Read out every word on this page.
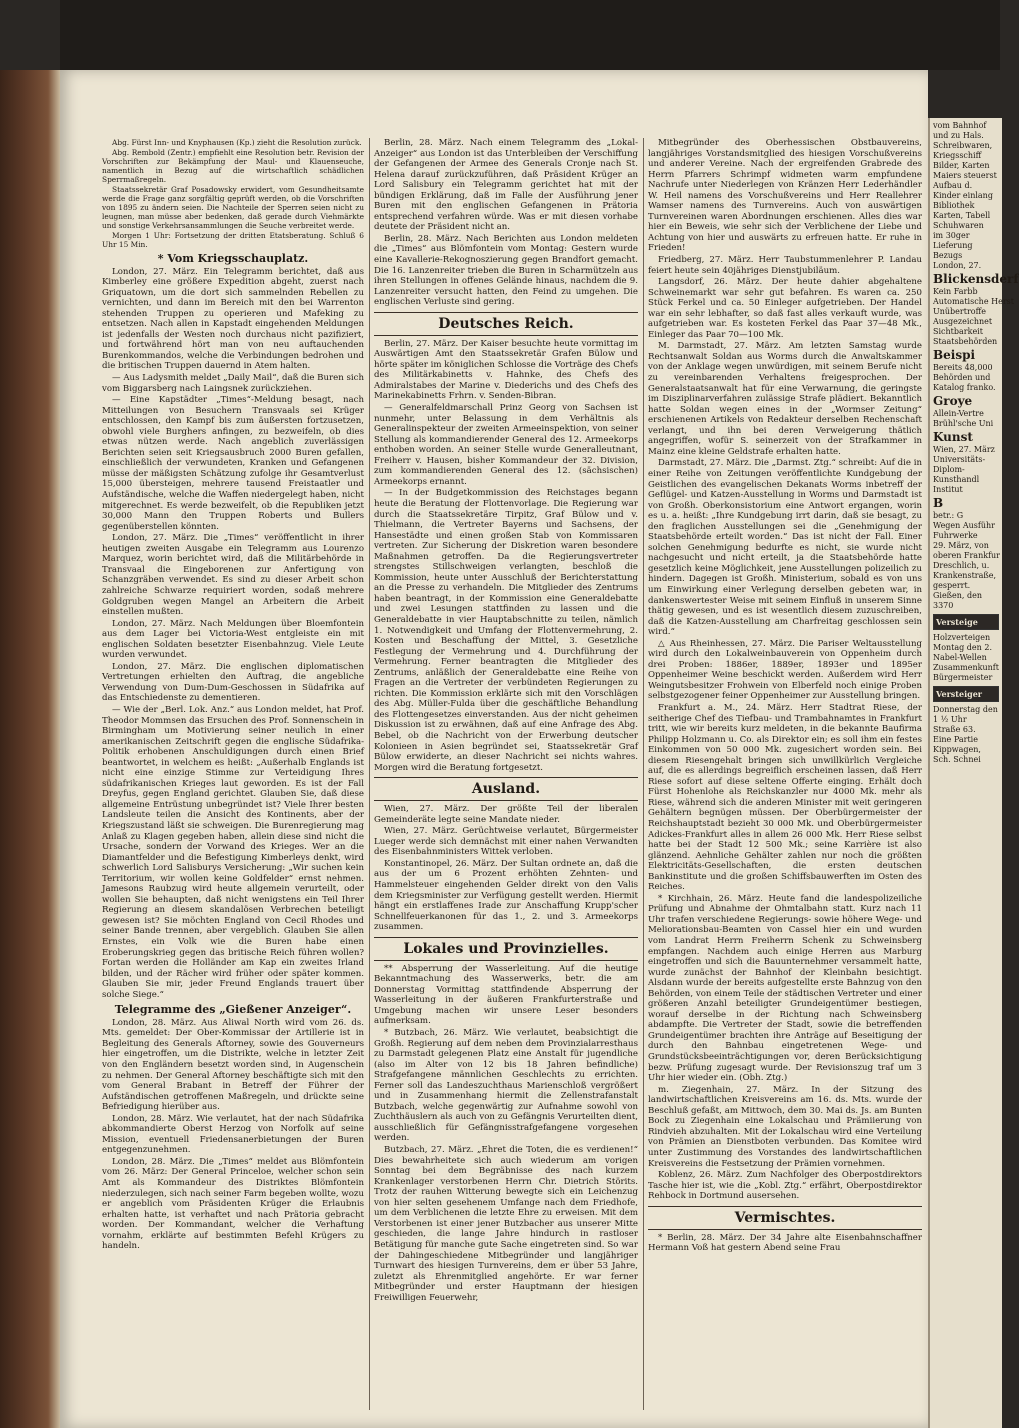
Abg. Fürst Inn- und Knyphausen (Kp.) zieht die Resolution zurück.

Abg. Rembold (Zentr.) empfiehlt eine Resolution betr. Revision der Vorschriften zur Bekämpfung der Maul- und Klauenseuche, namentlich in Bezug auf die wirtschaftlich schädlichen Sperrmaßregeln.

Staatssekretär Graf Posadowsky erwidert, vom Gesundheitsamte werde die Frage ganz sorgfältig geprüft werden, ob die Vorschriften von 1895 zu ändern seien. Die Nachteile der Sperren seien nicht zu leugnen, man müsse aber bedenken, daß gerade durch Viehmärkte und sonstige Verkehrsansammlungen die Seuche verbreitet werde.

Morgen 1 Uhr: Fortsetzung der dritten Etatsberatung. Schluß 6 Uhr 15 Min.

* Vom Kriegsschauplatz.

London, 27. März. Ein Telegramm berichtet, daß aus Kimberley eine größere Expedition abgeht, zuerst nach Griquatown, um die dort sich sammelnden Rebellen zu vernichten, und dann im Bereich mit den bei Warrenton stehenden Truppen zu operieren und Mafeking zu entsetzen. Nach allen in Kapstadt eingehenden Meldungen ist jedenfalls der Westen noch durchaus nicht pazifiziert, und fortwährend hört man von neu auftauchenden Burenkommandos, welche die Verbindungen bedrohen und die britischen Truppen dauernd in Atem halten.

— Aus Ladysmith meldet „Daily Mail“, daß die Buren sich vom Biggarsberg nach Laingsnek zurückziehen.

— Eine Kapstädter „Times“-Meldung besagt, nach Mitteilungen von Besuchern Transvaals sei Krüger entschlossen, den Kampf bis zum äußersten fortzusetzen, obwohl viele Burghers anfingen, zu bezweifeln, ob dies etwas nützen werde. Nach angeblich zuverlässigen Berichten seien seit Kriegsausbruch 2000 Buren gefallen, einschließlich der verwundeten, Kranken und Gefangenen müsse der mäßigsten Schätzung zufolge ihr Gesamtverlust 15,000 übersteigen, mehrere tausend Freistaatler und Aufständische, welche die Waffen niedergelegt haben, nicht mitgerechnet. Es werde bezweifelt, ob die Republiken jetzt 30,000 Mann den Truppen Roberts und Bullers gegenüberstellen könnten.

London, 27. März. Die „Times“ veröffentlicht in ihrer heutigen zweiten Ausgabe ein Telegramm aus Lourenzo Marquez, worin berichtet wird, daß die Militärbehörde in Transvaal die Eingeborenen zur Anfertigung von Schanzgräben verwendet. Es sind zu dieser Arbeit schon zahlreiche Schwarze requiriert worden, sodaß mehrere Goldgruben wegen Mangel an Arbeitern die Arbeit einstellen mußten.

London, 27. März. Nach Meldungen über Bloemfontein aus dem Lager bei Victoria-West entgleiste ein mit englischen Soldaten besetzter Eisenbahnzug. Viele Leute wurden verwundet.

London, 27. März. Die englischen diplomatischen Vertretungen erhielten den Auftrag, die angebliche Verwendung von Dum-Dum-Geschossen in Südafrika auf das Entschiedenste zu dementieren.

— Wie der „Berl. Lok. Anz.“ aus London meldet, hat Prof. Theodor Mommsen das Ersuchen des Prof. Sonnenschein in Birmingham um Motivierung seiner neulich in einer amerikanischen Zeitschrift gegen die englische Südafrika-Politik erhobenen Anschuldigungen durch einen Brief beantwortet, in welchem es heißt: „Außerhalb Englands ist nicht eine einzige Stimme zur Verteidigung Ihres südafrikanischen Krieges laut geworden. Es ist der Fall Dreyfus, gegen England gerichtet. Glauben Sie, daß diese allgemeine Entrüstung unbegründet ist? Viele Ihrer besten Landsleute teilen die Ansicht des Kontinents, aber der Kriegszustand läßt sie schweigen. Die Burenregierung mag Anlaß zu Klagen gegeben haben, allein diese sind nicht die Ursache, sondern der Vorwand des Krieges. Wer an die Diamantfelder und die Befestigung Kimberleys denkt, wird schwerlich Lord Salisburys Versicherung: „Wir suchen kein Territorium, wir wollen keine Goldfelder“ ernst nehmen. Jamesons Raubzug wird heute allgemein verurteilt, oder wollen Sie behaupten, daß nicht wenigstens ein Teil Ihrer Regierung an diesem skandalösen Verbrechen beteiligt gewesen ist? Sie möchten England von Cecil Rhodes und seiner Bande trennen, aber vergeblich. Glauben Sie allen Ernstes, ein Volk wie die Buren habe einen Eroberungskrieg gegen das britische Reich führen wollen? Fortan werden die Holländer am Kap ein zweites Irland bilden, und der Rächer wird früher oder später kommen. Glauben Sie mir, jeder Freund Englands trauert über solche Siege.“

Telegramme des „Gießener Anzeiger“.

London, 28. März. Aus Aliwal North wird vom 26. ds. Mts. gemeldet: Der Ober-Kommissar der Artillerie ist in Begleitung des Generals Aftorney, sowie des Gouverneurs hier eingetroffen, um die Distrikte, welche in letzter Zeit von den Engländern besetzt worden sind, in Augenschein zu nehmen. Der General Aftorney beschäftigte sich mit den vom General Brabant in Betreff der Führer der Aufständischen getroffenen Maßregeln, und drückte seine Befriedigung hierüber aus.

London, 28. März. Wie verlautet, hat der nach Südafrika abkommandierte Oberst Herzog von Norfolk auf seine Mission, eventuell Friedensanerbietungen der Buren entgegenzunehmen.

London, 28. März. Die „Times“ meldet aus Blömfontein vom 26. März: Der General Princeloe, welcher schon sein Amt als Kommandeur des Distriktes Blömfontein niederzulegen, sich nach seiner Farm begeben wollte, wozu er angeblich vom Präsidenten Krüger die Erlaubnis erhalten hatte, ist verhaftet und nach Prätoria gebracht worden. Der Kommandant, welcher die Verhaftung vornahm, erklärte auf bestimmten Befehl Krügers zu handeln.

Berlin, 28. März. Nach einem Telegramm des „Lokal-Anzeiger“ aus London ist das Unterbleiben der Verschiffung der Gefangenen der Armee des Generals Cronje nach St. Helena darauf zurückzuführen, daß Präsident Krüger an Lord Salisbury ein Telegramm gerichtet hat mit der bündigen Erklärung, daß im Falle der Ausführung jener Buren mit den englischen Gefangenen in Prätoria entsprechend verfahren würde. Was er mit diesen vorhabe deutete der Präsident nicht an.

Berlin, 28. März. Nach Berichten aus London meldeten die „Times“ aus Blömfontein vom Montag: Gestern wurde eine Kavallerie-Rekognoszierung gegen Brandfort gemacht. Die 16. Lanzenreiter trieben die Buren in Scharmützeln aus ihren Stellungen in offenes Gelände hinaus, nachdem die 9. Lanzenreiter versucht hatten, den Feind zu umgehen. Die englischen Verluste sind gering.

Deutsches Reich.

Berlin, 27. März. Der Kaiser besuchte heute vormittag im Auswärtigen Amt den Staatssekretär Grafen Bülow und hörte später im königlichen Schlosse die Vorträge des Chefs des Militärkabinetts v. Hahnke, des Chefs des Admiralstabes der Marine v. Diederichs und des Chefs des Marinekabinetts Frhrn. v. Senden-Bibran.

— Generalfeldmarschall Prinz Georg von Sachsen ist nunmehr, unter Belassung in dem Verhältnis als Generalinspekteur der zweiten Armeeinspektion, von seiner Stellung als kommandierender General des 12. Armeekorps enthoben worden. An seiner Stelle wurde Generalleutnant, Freiherr v. Hausen, bisher Kommandeur der 32. Division, zum kommandierenden General des 12. (sächsischen) Armeekorps ernannt.

— In der Budgetkommission des Reichstages begann heute die Beratung der Flottenvorlage. Die Regierung war durch die Staatssekretäre Tirpitz, Graf Bülow und v. Thielmann, die Vertreter Bayerns und Sachsens, der Hansestädte und einen großen Stab von Kommissaren vertreten. Zur Sicherung der Diskretion waren besondere Maßnahmen getroffen. Da die Regierungsvertreter strengstes Stillschweigen verlangten, beschloß die Kommission, heute unter Ausschluß der Berichterstattung an die Presse zu verhandeln. Die Mitglieder des Zentrums haben beantragt, in der Kommission eine Generaldebatte und zwei Lesungen stattfinden zu lassen und die Generaldebatte in vier Hauptabschnitte zu teilen, nämlich 1. Notwendigkeit und Umfang der Flottenvermehrung, 2. Kosten und Beschaffung der Mittel, 3. Gesetzliche Festlegung der Vermehrung und 4. Durchführung der Vermehrung. Ferner beantragten die Mitglieder des Zentrums, anläßlich der Generaldebatte eine Reihe von Fragen an die Vertreter der verbündeten Regierungen zu richten. Die Kommission erklärte sich mit den Vorschlägen des Abg. Müller-Fulda über die geschäftliche Behandlung des Flottengesetzes einverstanden. Aus der nicht geheimen Diskussion ist zu erwähnen, daß auf eine Anfrage des Abg. Bebel, ob die Nachricht von der Erwerbung deutscher Kolonieen in Asien begründet sei, Staatssekretär Graf Bülow erwiderte, an dieser Nachricht sei nichts wahres. Morgen wird die Beratung fortgesetzt.

Ausland.

Wien, 27. März. Der größte Teil der liberalen Gemeinderäte legte seine Mandate nieder.

Wien, 27. März. Gerüchtweise verlautet, Bürgermeister Lueger werde sich demnächst mit einer nahen Verwandten des Eisenbahnministers Wittek verloben.

Konstantinopel, 26. März. Der Sultan ordnete an, daß die aus der um 6 Prozent erhöhten Zehnten- und Hammelsteuer eingehenden Gelder direkt von den Valis dem Kriegsminister zur Verfügung gestellt werden. Hiermit hängt ein erstlaffenes Irade zur Anschaffung Krupp'scher Schnellfeuerkanonen für das 1., 2. und 3. Armeekorps zusammen.

Lokales und Provinzielles.

** Absperrung der Wasserleitung. Auf die heutige Bekanntmachung des Wasserwerks, betr. die am Donnerstag Vormittag stattfindende Absperrung der Wasserleitung in der äußeren Frankfurterstraße und Umgebung machen wir unsere Leser besonders aufmerksam.

* Butzbach, 26. März. Wie verlautet, beabsichtigt die Großh. Regierung auf dem neben dem Provinzialarresthaus zu Darmstadt gelegenen Platz eine Anstalt für jugendliche (also im Alter von 12 bis 18 Jahren befindliche) Strafgefangene männlichen Geschlechts zu errichten. Ferner soll das Landeszuchthaus Marienschloß vergrößert und in Zusammenhang hiermit die Zellenstrafanstalt Butzbach, welche gegenwärtig zur Aufnahme sowohl von Zuchthäuslern als auch von zu Gefängnis Verurteilten dient, ausschließlich für Gefängnisstrafgefangene vorgesehen werden.

Butzbach, 27. März. „Ehret die Toten, die es verdienen!“ Dies bewahrheitete sich auch wiederum am vorigen Sonntag bei dem Begräbnisse des nach kurzem Krankenlager verstorbenen Herrn Chr. Dietrich Störits. Trotz der rauhen Witterung bewegte sich ein Leichenzug von hier selten gesehenem Umfange nach dem Friedhofe, um dem Verblichenen die letzte Ehre zu erweisen. Mit dem Verstorbenen ist einer jener Butzbacher aus unserer Mitte geschieden, die lange Jahre hindurch in rastloser Betätigung für manche gute Sache eingetreten sind. So war der Dahingeschiedene Mitbegründer und langjähriger Turnwart des hiesigen Turnvereins, dem er über 53 Jahre, zuletzt als Ehrenmitglied angehörte. Er war ferner Mitbegründer und erster Hauptmann der hiesigen Freiwilligen Feuerwehr,

Mitbegründer des Oberhessischen Obstbauvereins, langjähriges Vorstandsmitglied des hiesigen Vorschußvereins und anderer Vereine. Nach der ergreifenden Grabrede des Herrn Pfarrers Schrimpf widmeten warm empfundene Nachrufe unter Niederlegen von Kränzen Herr Lederhändler W. Heil namens des Vorschußvereins und Herr Reallehrer Wamser namens des Turnvereins. Auch von auswärtigen Turnvereinen waren Abordnungen erschienen. Alles dies war hier ein Beweis, wie sehr sich der Verblichene der Liebe und Achtung von hier und auswärts zu erfreuen hatte. Er ruhe in Frieden!

Friedberg, 27. März. Herr Taubstummenlehrer P. Landau feiert heute sein 40jähriges Dienstjubiläum.

Langsdorf, 26. März. Der heute dahier abgehaltene Schweinemarkt war sehr gut befahren. Es waren ca. 250 Stück Ferkel und ca. 50 Einleger aufgetrieben. Der Handel war ein sehr lebhafter, so daß fast alles verkauft wurde, was aufgetrieben war. Es kosteten Ferkel das Paar 37—48 Mk., Einleger das Paar 70—100 Mk.

M. Darmstadt, 27. März. Am letzten Samstag wurde Rechtsanwalt Soldan aus Worms durch die Anwaltskammer von der Anklage wegen unwürdigen, mit seinem Berufe nicht zu vereinbarenden Verhaltens freigesprochen. Der Generalstaatsanwalt hat für eine Verwarnung, die geringste im Disziplinarverfahren zulässige Strafe plädiert. Bekanntlich hatte Soldan wegen eines in der „Wormser Zeitung“ erschienenen Artikels von Redakteur derselben Rechenschaft verlangt, und ihn bei deren Verweigerung thätlich angegriffen, wofür S. seinerzeit von der Strafkammer in Mainz eine kleine Geldstrafe erhalten hatte.

Darmstadt, 27. März. Die „Darmst. Ztg.“ schreibt: Auf die in einer Reihe von Zeitungen veröffentlichte Kundgebung der Geistlichen des evangelischen Dekanats Worms inbetreff der Geflügel- und Katzen-Ausstellung in Worms und Darmstadt ist von Großh. Oberkonsistorium eine Antwort ergangen, worin es u. a. heißt: „Ihre Kundgebung irrt darin, daß sie besagt, zu den fraglichen Ausstellungen sei die „Genehmigung der Staatsbehörde erteilt worden.“ Das ist nicht der Fall. Einer solchen Genehmigung bedurfte es nicht, sie wurde nicht nachgesucht und nicht erteilt, ja die Staatsbehörde hatte gesetzlich keine Möglichkeit, jene Ausstellungen polizeilich zu hindern. Dagegen ist Großh. Ministerium, sobald es von uns um Einwirkung einer Verlegung derselben gebeten war, in dankenswertester Weise mit seinem Einfluß in unserem Sinne thätig gewesen, und es ist wesentlich diesem zuzuschreiben, daß die Katzen-Ausstellung am Charfreitag geschlossen sein wird.“

△ Aus Rheinhessen, 27. März. Die Pariser Weltausstellung wird durch den Lokalweinbauverein von Oppenheim durch drei Proben: 1886er, 1889er, 1893er und 1895er Oppenheimer Weine beschickt werden. Außerdem wird Herr Weingutsbesitzer Frohwein von Elberfeld noch einige Proben selbstgezogener feiner Oppenheimer zur Ausstellung bringen.

Frankfurt a. M., 24. März. Herr Stadtrat Riese, der seitherige Chef des Tiefbau- und Trambahnamtes in Frankfurt tritt, wie wir bereits kurz meldeten, in die bekannte Baufirma Philipp Holzmann u. Co. als Direktor ein; es soll ihm ein festes Einkommen von 50 000 Mk. zugesichert worden sein. Bei diesem Riesengehalt bringen sich unwillkürlich Vergleiche auf, die es allerdings begreiflich erscheinen lassen, daß Herr Riese sofort auf diese seltene Offerte einging. Erhält doch Fürst Hohenlohe als Reichskanzler nur 4000 Mk. mehr als Riese, während sich die anderen Minister mit weit geringeren Gehältern begnügen müssen. Der Oberbürgermeister der Reichshauptstadt bezieht 30 000 Mk. und Oberbürgermeister Adickes-Frankfurt alles in allem 26 000 Mk. Herr Riese selbst hatte bei der Stadt 12 500 Mk.; seine Karrière ist also glänzend. Aehnliche Gehälter zahlen nur noch die größten Elektricitäts-Gesellschaften, die ersten deutschen Bankinstitute und die großen Schiffsbauwerften im Osten des Reiches.

* Kirchhain, 26. März. Heute fand die landespolizeiliche Prüfung und Abnahme der Ohmtalbahn statt. Kurz nach 11 Uhr trafen verschiedene Regierungs- sowie höhere Wege- und Meliorationsbau-Beamten von Cassel hier ein und wurden vom Landrat Herrn Freiherrn Schenk zu Schweinsberg empfangen. Nachdem auch einige Herren aus Marburg eingetroffen und sich die Bauunternehmer versammelt hatte, wurde zunächst der Bahnhof der Kleinbahn besichtigt. Alsdann wurde der bereits aufgestellte erste Bahnzug von den Behörden, von einem Teile der städtischen Vertreter und einer größeren Anzahl beteiligter Grundeigentümer bestiegen, worauf derselbe in der Richtung nach Schweinsberg abdampfte. Die Vertreter der Stadt, sowie die betreffenden Grundeigentümer brachten ihre Anträge auf Beseitigung der durch den Bahnbau eingetretenen Wege- und Grundstücksbeeinträchtigungen vor, deren Berücksichtigung bezw. Prüfung zugesagt wurde. Der Revisionszug traf um 3 Uhr hier wieder ein. (Obh. Ztg.)

m. Ziegenhain, 27. März. In der Sitzung des landwirtschaftlichen Kreisvereins am 16. ds. Mts. wurde der Beschluß gefaßt, am Mittwoch, dem 30. Mai ds. Js. am Bunten Bock zu Ziegenhain eine Lokalschau und Prämiierung von Rindvieh abzuhalten. Mit der Lokalschau wird eine Verteilung von Prämien an Dienstboten verbunden. Das Komitee wird unter Zustimmung des Vorstandes des landwirtschaftlichen Kreisvereins die Festsetzung der Prämien vornehmen.

Koblenz, 26. März. Zum Nachfolger des Oberpostdirektors Tasche hier ist, wie die „Kobl. Ztg.“ erfährt, Oberpostdirektor Rehbock in Dortmund ausersehen.

Vermischtes.

* Berlin, 28. März. Der 34 Jahre alte Eisenbahnschaffner Hermann Voß hat gestern Abend seine Frau

vom Bahnhof
und zu Hals.
Schreibwaren,
Kriegsschiff
Bilder, Karten
Maiers steuerst
Aufbau d.
Kinder einlang
Bibliothek
Karten, Tabell
Schuhwaren
im 30ger
Lieferung
Bezugs
London, 27.
Blickensderf
Kein Farbb
Automatische Herst
Unübertroffe
Ausgezeichnet
Sichtbarkeit
Staatsbehörden
Beispi
Bereits 48,000
Behörden und
Katalog franko.
Groye
Allein-Vertre
Brühl'sche Uni
Kunst
Wien, 27. März
Universitäts-
Diplom-
Kunsthandl
Institut
B
betr.: G
Wegen Ausführ
Fuhrwerke
29. März, von
oberen Frankfur
Dreschlich, u.
Krankenstraße,
gesperrt.
Gießen, den
3370
Versteige
Holzverteigen
Montag den 2.
Nabel-Wellen
Zusammenkunft
Bürgermeister
Versteiger
Donnerstag den
1 ½ Uhr
Straße 63.
Eine Partie
Kippwagen,
Sch. Schnei
